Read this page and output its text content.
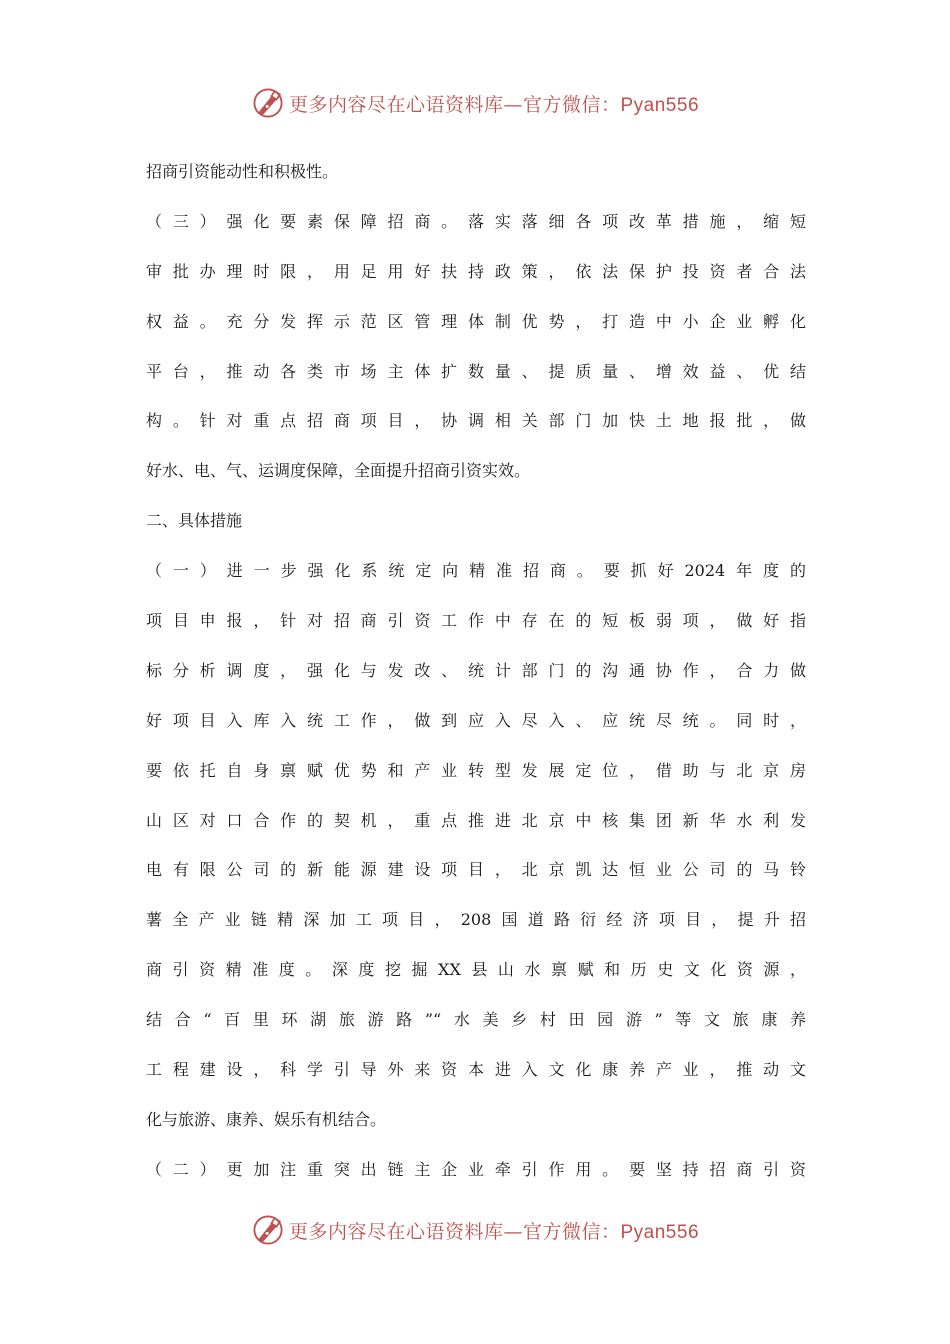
更多内容尽在心语资料库—官方微信：Pyan556
招商引资能动性和积极性。
（三）强化要素保障招商。落实落细各项改革措施，缩短
审批办理时限，用足用好扶持政策，依法保护投资者合法
权益。充分发挥示范区管理体制优势，打造中小企业孵化
平台，推动各类市场主体扩数量、提质量、增效益、优结
构。针对重点招商项目，协调相关部门加快土地报批，做
好水、电、气、运调度保障，全面提升招商引资实效。
二、具体措施
（一）进一步强化系统定向精准招商。要抓好2024年度的
项目申报，针对招商引资工作中存在的短板弱项，做好指
标分析调度，强化与发改、统计部门的沟通协作，合力做
好项目入库入统工作，做到应入尽入、应统尽统。同时，
要依托自身禀赋优势和产业转型发展定位，借助与北京房
山区对口合作的契机，重点推进北京中核集团新华水利发
电有限公司的新能源建设项目，北京凯达恒业公司的马铃
薯全产业链精深加工项目，208国道路衍经济项目，提升招
商引资精准度。深度挖掘XX县山水禀赋和历史文化资源，
结合“百里环湖旅游路”“水美乡村田园游”等文旅康养
工程建设，科学引导外来资本进入文化康养产业，推动文
化与旅游、康养、娱乐有机结合。
（二）更加注重突出链主企业牵引作用。要坚持招商引资
更多内容尽在心语资料库—官方微信：Pyan556
